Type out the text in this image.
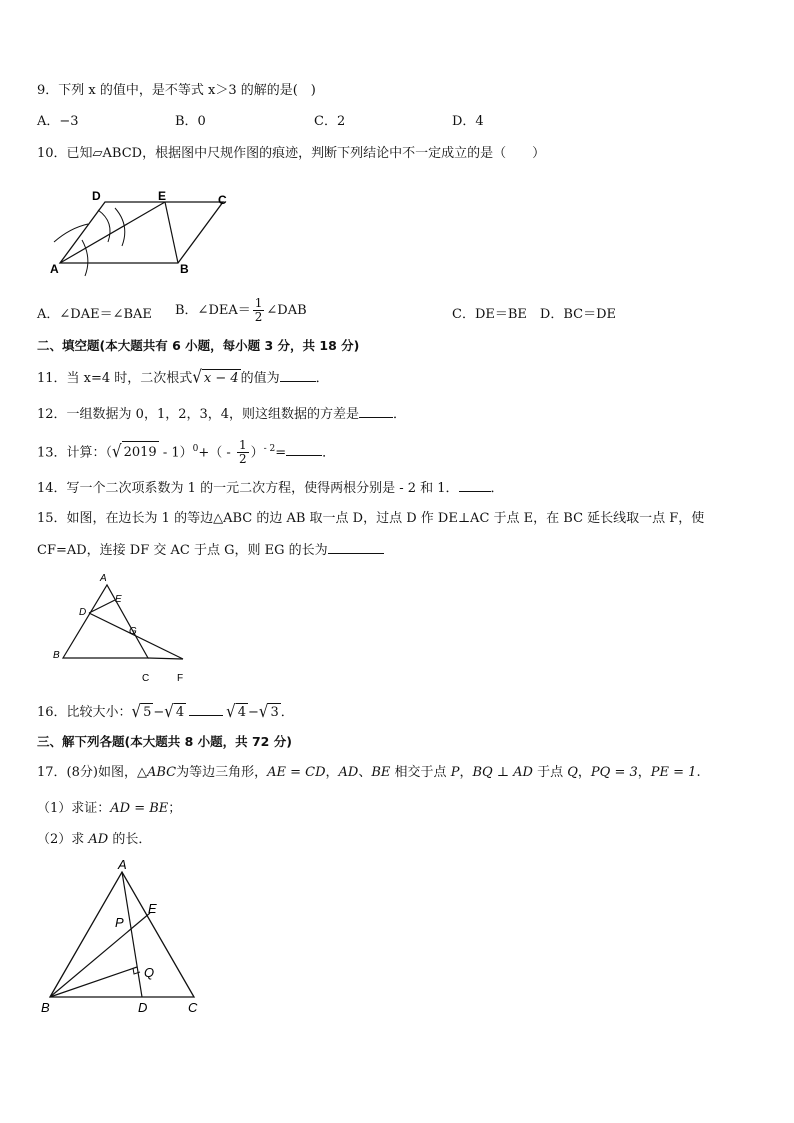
9．下列 x 的值中，是不等式 x＞3 的解的是(　)
A．−3	B．0	C．2	D．4
10．已知▱ABCD，根据图中尺规作图的痕迹，判断下列结论中不一定成立的是（　　）
A	B
C
D	E
A．∠DAE＝∠BAE B．∠DEA＝ $\frac{1}{2}$ ∠DAB	C．DE＝BE　D．BC＝DE
二、填空题(本大题共有 6 小题，每小题 3 分，共 18 分)
11．当 x=4 时，二次根式√ x − 4 的值为	．
12．一组数据为 0，1，2，3，4，则这组数据的方差是	．
13．计算：（√ $2019 - 1)^0+( - \frac{1}{2} )^{- 2}=$	．
14．写一个二次项系数为 1 的一元二次方程，使得两根分别是 - 2 和 1． ．
15．如图，在边长为 1 的等边△ABC 的边 AB 取一点 D，过点 D 作 DE⊥AC 于点 E，在 BC 延长线取一点 F，使
CF=AD，连接 DF 交 AC 于点 G，则 EG 的长为
A
B
C
D
E
F
G
16．比较大小：√ 5 −√ 4	√ 4 −√ 3 ．
三、解下列各题(本大题共 8 小题，共 72 分)
17．(8分)如图，△ABC为等边三角形，AE = CD，AD、BE 相交于点 P，BQ ⊥ AD 于点 Q，PQ = 3，PE = 1.
（1）求证：AD = BE；
（2）求 AD 的长．
A
B	C
D
E
P
Q
